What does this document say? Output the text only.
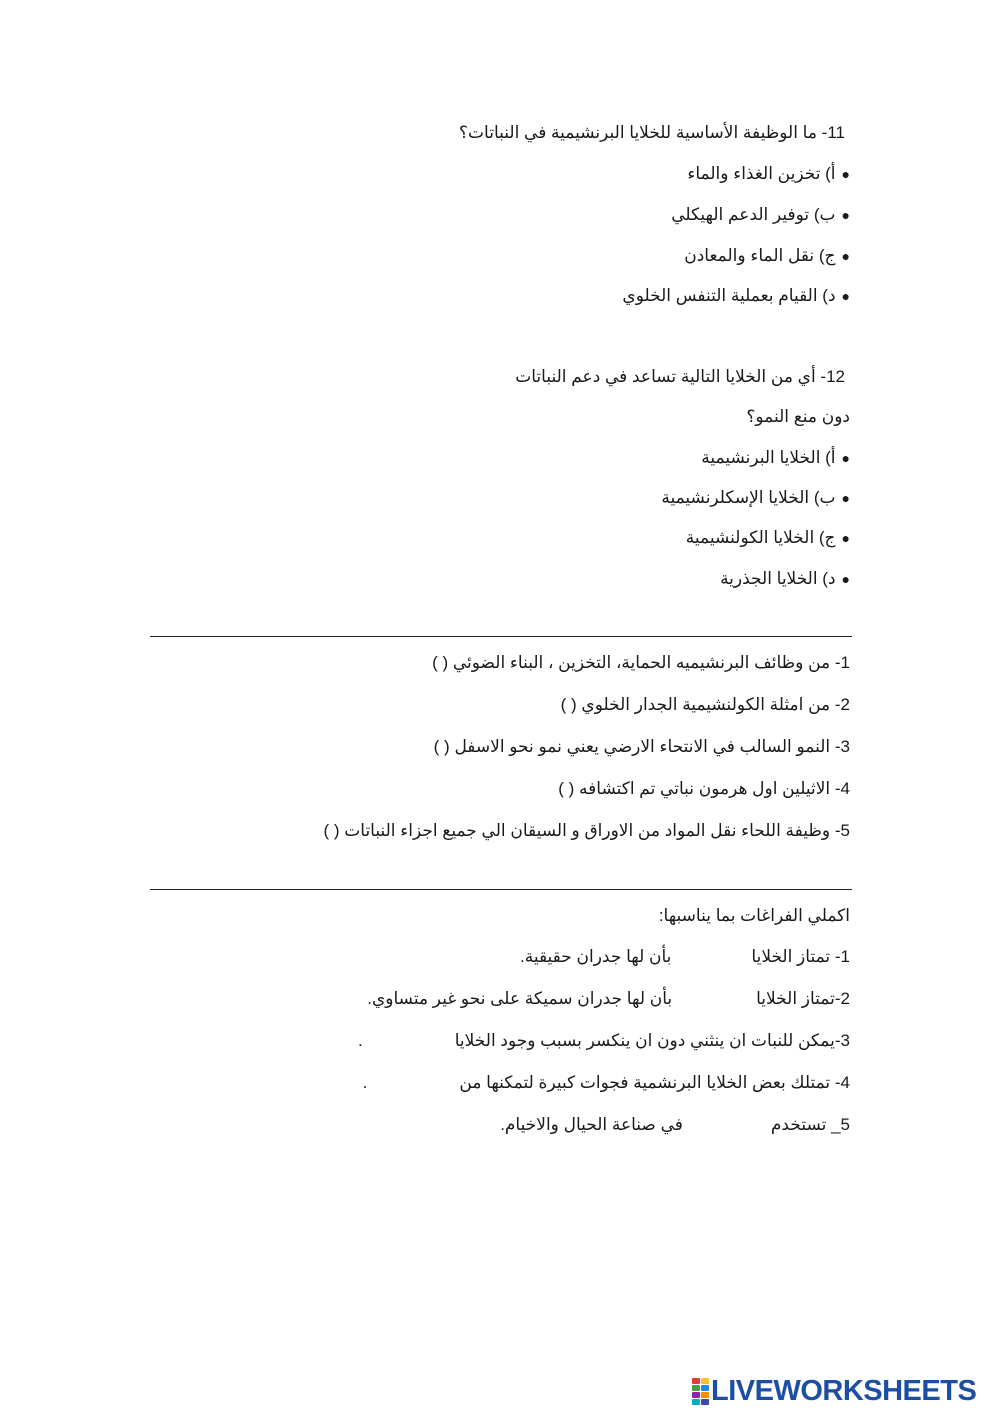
11- ما الوظيفة الأساسية للخلايا البرنشيمية في النباتات؟
●أ) تخزين الغذاء والماء
●ب) توفير الدعم الهيكلي
●ج) نقل الماء والمعادن
●د) القيام بعملية التنفس الخلوي
12- أي من الخلايا التالية تساعد في دعم النباتات
دون منع النمو؟
●أ) الخلايا البرنشيمية
●ب) الخلايا الإسكلرنشيمية
●ج) الخلايا الكولنشيمية
●د) الخلايا الجذرية
1- من وظائف البرنشيميه الحماية، التخزين ، البناء الضوئي ( )
2- من امثلة الكولنشيمية الجدار الخلوي ( )
3- النمو السالب في الانتحاء الارضي يعني نمو نحو الاسفل ( )
4- الاثيلين اول هرمون نباتي تم اكتشافه ( )
5- وظيفة اللحاء نقل المواد من الاوراق و السيقان الي جميع اجزاء النباتات ( )
اكملي الفراغات بما يناسبها:
1- تمتاز الخلايابأن لها جدران حقيقية.
2-تمتاز الخلايابأن لها جدران سميكة على نحو غير متساوي.
3-يمكن للنبات ان ينثني دون ان ينكسر بسبب وجود الخلايا.
4- تمتلك بعض الخلايا البرنشمية فجوات كبيرة لتمكنها من.
5_ تستخدمفي صناعة الحيال والاخيام.
LIVEWORKSHEETS
